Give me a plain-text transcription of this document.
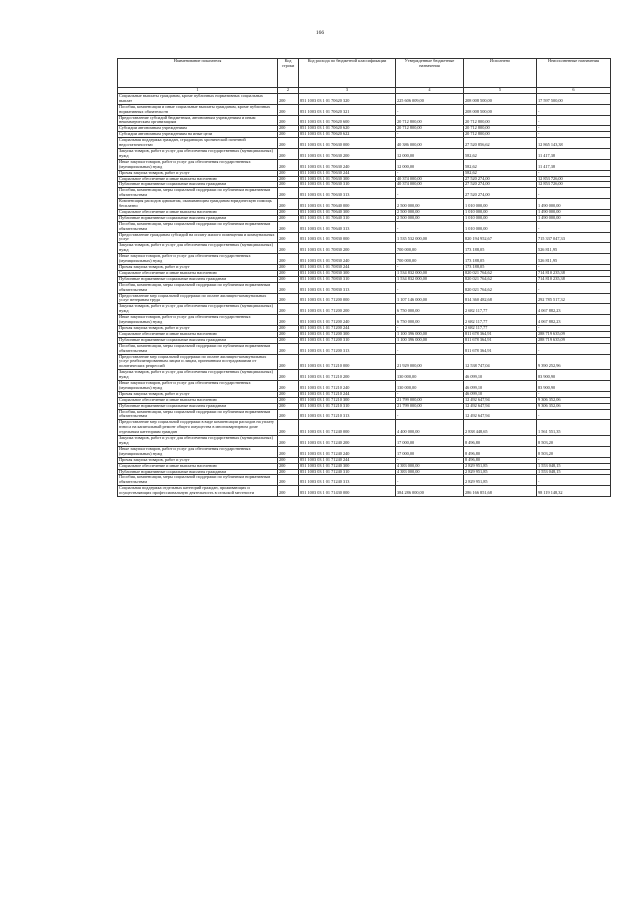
166
Наименование показателя	Код строки	Код расхода по бюджетной классификации	Утвержденные бюджетные назначения	Исполнено	Неисполненные назначения
1	2	3	4	5	6
Социальные выплаты гражданам, кроме публичных нормативных социальных выплат	200	851 1003 03 1 01 70620 320	225 606 009,00	208 008 500,00	17 597 500,00
Пособия, компенсации и иные социальные выплаты гражданам, кроме публичных нормативных обязательств	200	851 1003 03 1 01 70620 321	-	208 008 500,00	-
Предоставление субсидий бюджетным, автономным учреждениям и иным некоммерческим организациям	200	851 1003 03 1 01 70620 600	20 712 800,00	20 712 800,00	-
Субсидии автономным учреждениям	200	851 1003 03 1 01 70620 620	20 712 800,00	20 712 800,00	-
Субсидии автономным учреждениям на иные цели	200	851 1003 03 1 01 70620 622	-	20 712 800,00	-
Социальная поддержка граждан, страдающих хронической почечной недостаточностью	200	851 1003 03 1 01 70630 000	40 386 000,00	27 520 856,62	12 865 143,38
Закупка товаров, работ и услуг для обеспечения государственных (муниципальных) нужд	200	851 1003 03 1 01 70630 200	12 000,00	582,62	11 417,38
Иные закупки товаров, работ и услуг для обеспечения государственных (муниципальных) нужд	200	851 1003 03 1 01 70630 240	12 000,00	582,62	11 417,38
Прочая закупка товаров, работ и услуг	200	851 1003 03 1 01 70630 244	-	582,62	-
Социальное обеспечение и иные выплаты населению	200	851 1003 03 1 01 70630 300	40 374 000,00	27 520 274,00	12 853 726,00
Публичные нормативные социальные выплаты гражданам	200	851 1003 03 1 01 70630 310	40 374 000,00	27 520 274,00	12 853 726,00
Пособия, компенсации, меры социальной поддержки по публичным нормативным обязательствам	200	851 1003 03 1 01 70630 313	-	27 520 274,00	-
Компенсация расходов адвокатам, оказывающим гражданам юридическую помощь бесплатно	200	851 1003 03 1 01 70640 000	2 500 000,00	1 010 000,00	1 490 000,00
Социальное обеспечение и иные выплаты населению	200	851 1003 03 1 01 70640 300	2 500 000,00	1 010 000,00	1 490 000,00
Публичные нормативные социальные выплаты гражданам	200	851 1003 03 1 01 70640 310	2 500 000,00	1 010 000,00	1 490 000,00
Пособия, компенсации, меры социальной поддержки по публичным нормативным обязательствам	200	851 1003 03 1 01 70640 313	-	1 010 000,00	-
Предоставление гражданам субсидий на оплату жилого помещения и коммунальных услуг	200	851 1003 03 1 01 70830 000	1 535 532 000,00	820 194 952,67	715 337 047,33
Закупка товаров, работ и услуг для обеспечения государственных (муниципальных) нужд	200	851 1003 03 1 01 70830 200	700 000,00	173 188,05	526 811,95
Иные закупки товаров, работ и услуг для обеспечения государственных (муниципальных) нужд	200	851 1003 03 1 01 70830 240	700 000,00	173 188,05	526 811,95
Прочая закупка товаров, работ и услуг	200	851 1003 03 1 01 70830 244	-	173 188,05	-
Социальное обеспечение и иные выплаты населению	200	851 1003 03 1 01 70830 300	1 534 832 000,00	820 021 764,62	714 810 235,38
Публичные нормативные социальные выплаты гражданам	200	851 1003 03 1 01 70830 310	1 534 832 000,00	820 021 764,62	714 810 235,38
Пособия, компенсации, меры социальной поддержки по публичным нормативным обязательствам	200	851 1003 03 1 01 70830 313	-	820 021 764,62	-
Предоставление мер социальной поддержки по оплате жилищно-коммунальных услуг ветеранам труда	200	851 1003 03 1 01 71200 000	1 107 146 000,00	814 360 482,68	292 785 517,32
Закупка товаров, работ и услуг для обеспечения государственных (муниципальных) нужд	200	851 1003 03 1 01 71200 200	6 750 000,00	2 682 117,77	4 067 882,23
Иные закупки товаров, работ и услуг для обеспечения государственных (муниципальных) нужд	200	851 1003 03 1 01 71200 240	6 750 000,00	2 682 117,77	4 067 882,23
Прочая закупка товаров, работ и услуг	200	851 1003 03 1 01 71200 244	-	2 682 117,77	-
Социальное обеспечение и иные выплаты населению	200	851 1003 03 1 01 71200 300	1 100 396 000,00	811 678 364,91	288 719 635,09
Публичные нормативные социальные выплаты гражданам	200	851 1003 03 1 01 71200 310	1 100 396 000,00	811 678 364,91	288 719 635,09
Пособия, компенсации, меры социальной поддержки по публичным нормативным обязательствам	200	851 1003 03 1 01 71200 313	-	811 678 364,91	-
Предоставление мер социальной поддержки по оплате жилищно-коммунальных услуг реабилитированным лицам и лицам, признанным пострадавшими от политических репрессий	200	851 1003 03 1 01 71210 000	21 929 000,00	12 538 747,04	9 390 252,96
Закупка товаров, работ и услуг для обеспечения государственных (муниципальных) нужд	200	851 1003 03 1 01 71210 200	130 000,00	46 099,10	83 900,90
Иные закупки товаров, работ и услуг для обеспечения государственных (муниципальных) нужд	200	851 1003 03 1 01 71210 240	130 000,00	46 099,10	83 900,90
Прочая закупка товаров, работ и услуг	200	851 1003 03 1 01 71210 244	-	46 099,10	-
Социальное обеспечение и иные выплаты населению	200	851 1003 03 1 01 71210 300	21 799 000,00	12 492 647,94	9 306 352,06
Публичные нормативные социальные выплаты гражданам	200	851 1003 03 1 01 71210 310	21 799 000,00	12 492 647,94	9 306 352,06
Пособия, компенсации, меры социальной поддержки по публичным нормативным обязательствам	200	851 1003 03 1 01 71210 313	-	12 492 647,94	-
Предоставление мер социальной поддержки в виде компенсации расходов на уплату взноса на капитальный ремонт общего имущества в многоквартирном доме отдельным категориям граждан	200	851 1003 03 1 01 71240 000	4 400 000,00	2 838 448,65	1 561 551,35
Закупка товаров, работ и услуг для обеспечения государственных (муниципальных) нужд	200	851 1003 03 1 01 71240 200	17 000,00	8 496,80	8 503,20
Иные закупки товаров, работ и услуг для обеспечения государственных (муниципальных) нужд	200	851 1003 03 1 01 71240 240	17 000,00	8 496,80	8 503,20
Прочая закупка товаров, работ и услуг	200	851 1003 03 1 01 71240 244	-	8 496,80	-
Социальное обеспечение и иные выплаты населению	200	851 1003 03 1 01 71240 300	4 383 000,00	2 829 951,85	1 553 048,15
Публичные нормативные социальные выплаты гражданам	200	851 1003 03 1 01 71240 310	4 383 000,00	2 829 951,85	1 553 048,15
Пособия, компенсации, меры социальной поддержки по публичным нормативным обязательствам	200	851 1003 03 1 01 71240 313	-	2 829 951,85	-
Социальная поддержка отдельных категорий граждан, проживающих и осуществляющих профессиональную деятельность в сельской местности	200	851 1003 03 1 01 71430 000	384 286 000,00	286 166 851,68	98 119 148,32
